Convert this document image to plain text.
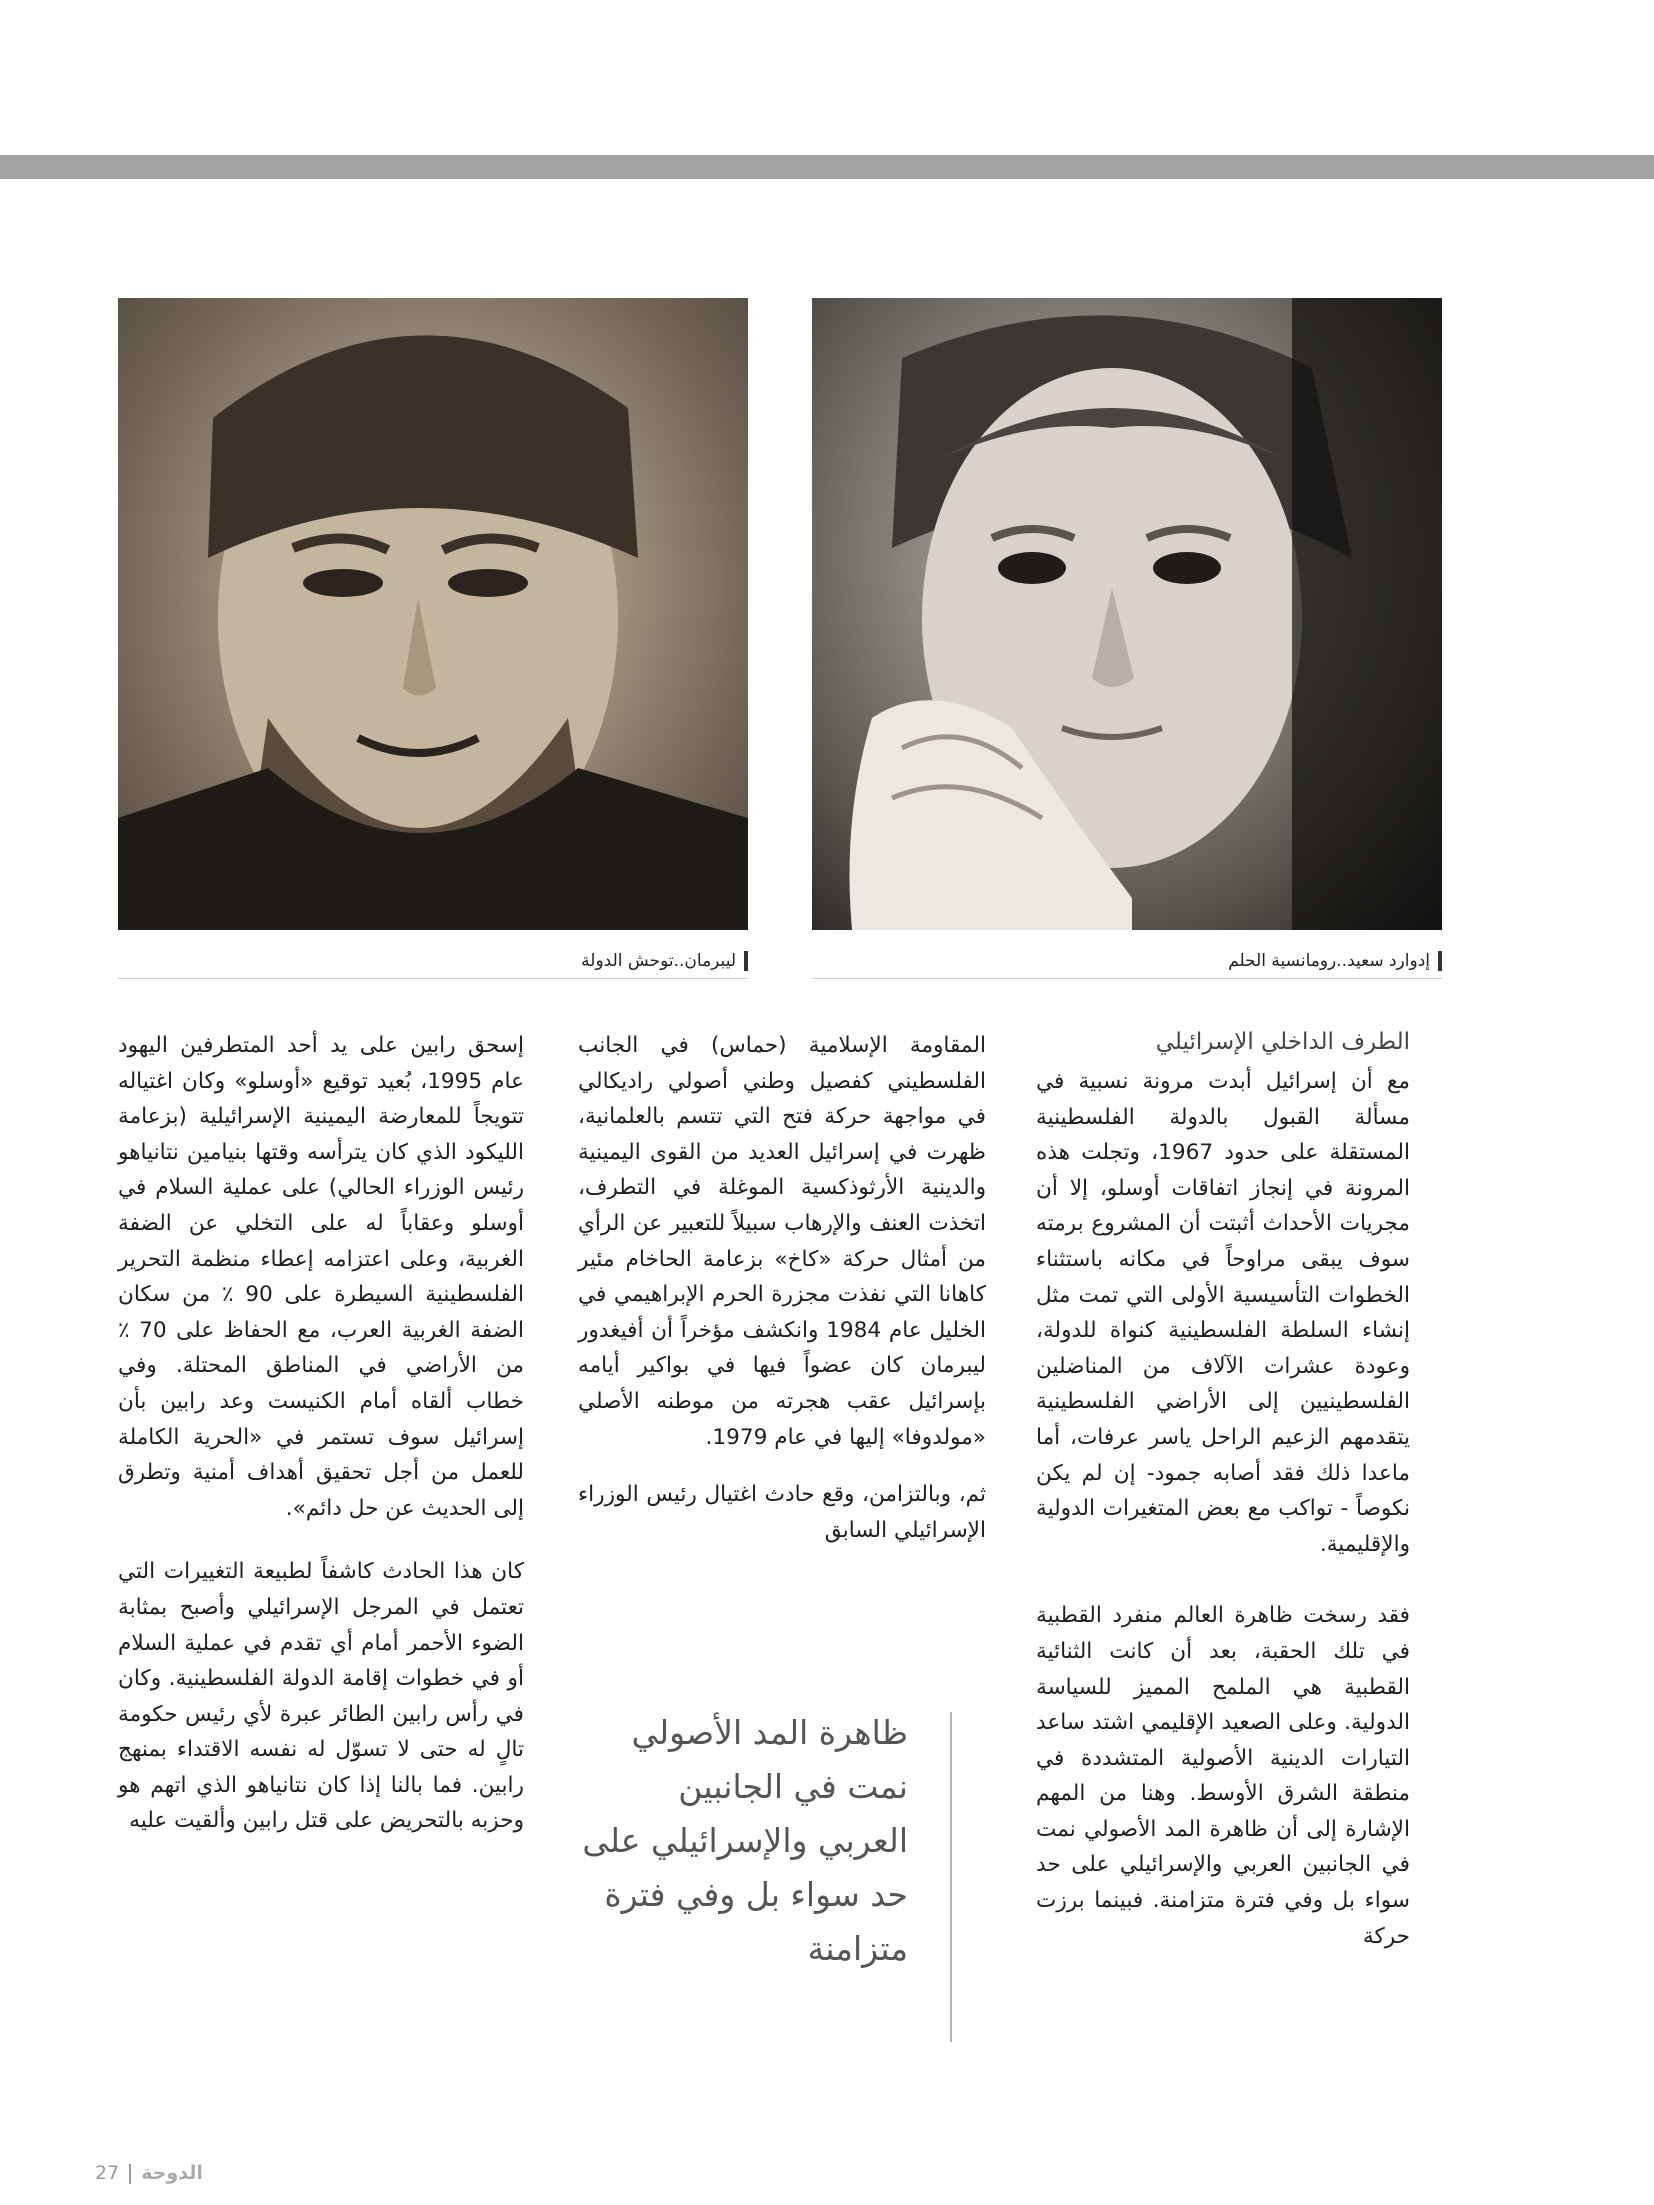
ليبرمان..توحش الدولة	إدوارد سعيد..رومانسية الحلم
الطرف الداخلي الإسرائيلي

مع أن إسرائيل أبدت مرونة نسبية في مسألة القبول بالدولة الفلسطينية المستقلة على حدود 1967، وتجلت هذه المرونة في إنجاز اتفاقات أوسلو، إلا أن مجريات الأحداث أثبتت أن المشروع برمته سوف يبقى مراوحاً في مكانه باستثناء الخطوات التأسيسية الأولى التي تمت مثل إنشاء السلطة الفلسطينية كنواة للدولة، وعودة عشرات الآلاف من المناضلين الفلسطينيين إلى الأراضي الفلسطينية يتقدمهم الزعيم الراحل ياسر عرفات، أما ماعدا ذلك فقد أصابه جمود- إن لم يكن نكوصاً - تواكب مع بعض المتغيرات الدولية والإقليمية.

فقد رسخت ظاهرة العالم منفرد القطبية في تلك الحقبة، بعد أن كانت الثنائية القطبية هي الملمح المميز للسياسة الدولية. وعلى الصعيد الإقليمي اشتد ساعد التيارات الدينية الأصولية المتشددة في منطقة الشرق الأوسط. وهنا من المهم الإشارة إلى أن ظاهرة المد الأصولي نمت في الجانبين العربي والإسرائيلي على حد سواء بل وفي فترة متزامنة. فبينما برزت حركة

المقاومة الإسلامية (حماس) في الجانب الفلسطيني كفصيل وطني أصولي راديكالي في مواجهة حركة فتح التي تتسم بالعلمانية، ظهرت في إسرائيل العديد من القوى اليمينية والدينية الأرثوذكسية الموغلة في التطرف، اتخذت العنف والإرهاب سبيلاً للتعبير عن الرأي من أمثال حركة «كاخ» بزعامة الحاخام مئير كاهانا التي نفذت مجزرة الحرم الإبراهيمي في الخليل عام 1984 وانكشف مؤخراً أن أفيغدور ليبرمان كان عضواً فيها في بواكير أيامه بإسرائيل عقب هجرته من موطنه الأصلي «مولدوفا» إليها في عام 1979.

ثم، وبالتزامن، وقع حادث اغتيال رئيس الوزراء الإسرائيلي السابق

ظاهرة المد الأصولي نمت في الجانبين العربي والإسرائيلي على حد سواء بل وفي فترة متزامنة

إسحق رابين على يد أحد المتطرفين اليهود عام 1995، بُعيد توقيع «أوسلو» وكان اغتياله تتويجاً للمعارضة اليمينية الإسرائيلية (بزعامة الليكود الذي كان يترأسه وقتها بنيامين نتانياهو رئيس الوزراء الحالي) على عملية السلام في أوسلو وعقاباً له على التخلي عن الضفة الغربية، وعلى اعتزامه إعطاء منظمة التحرير الفلسطينية السيطرة على 90 ٪ من سكان الضفة الغربية العرب، مع الحفاظ على 70 ٪ من الأراضي في المناطق المحتلة. وفي خطاب ألقاه أمام الكنيست وعد رابين بأن إسرائيل سوف تستمر في «الحرية الكاملة للعمل من أجل تحقيق أهداف أمنية وتطرق إلى الحديث عن حل دائم».

كان هذا الحادث كاشفاً لطبيعة التغييرات التي تعتمل في المرجل الإسرائيلي وأصبح بمثابة الضوء الأحمر أمام أي تقدم في عملية السلام أو في خطوات إقامة الدولة الفلسطينية. وكان في رأس رابين الطائر عبرة لأي رئيس حكومة تالٍ له حتى لا تسوّل له نفسه الاقتداء بمنهج رابين. فما بالنا إذا كان نتانياهو الذي اتهم هو وحزبه بالتحريض على قتل رابين وألقيت عليه

27 الدوحة
